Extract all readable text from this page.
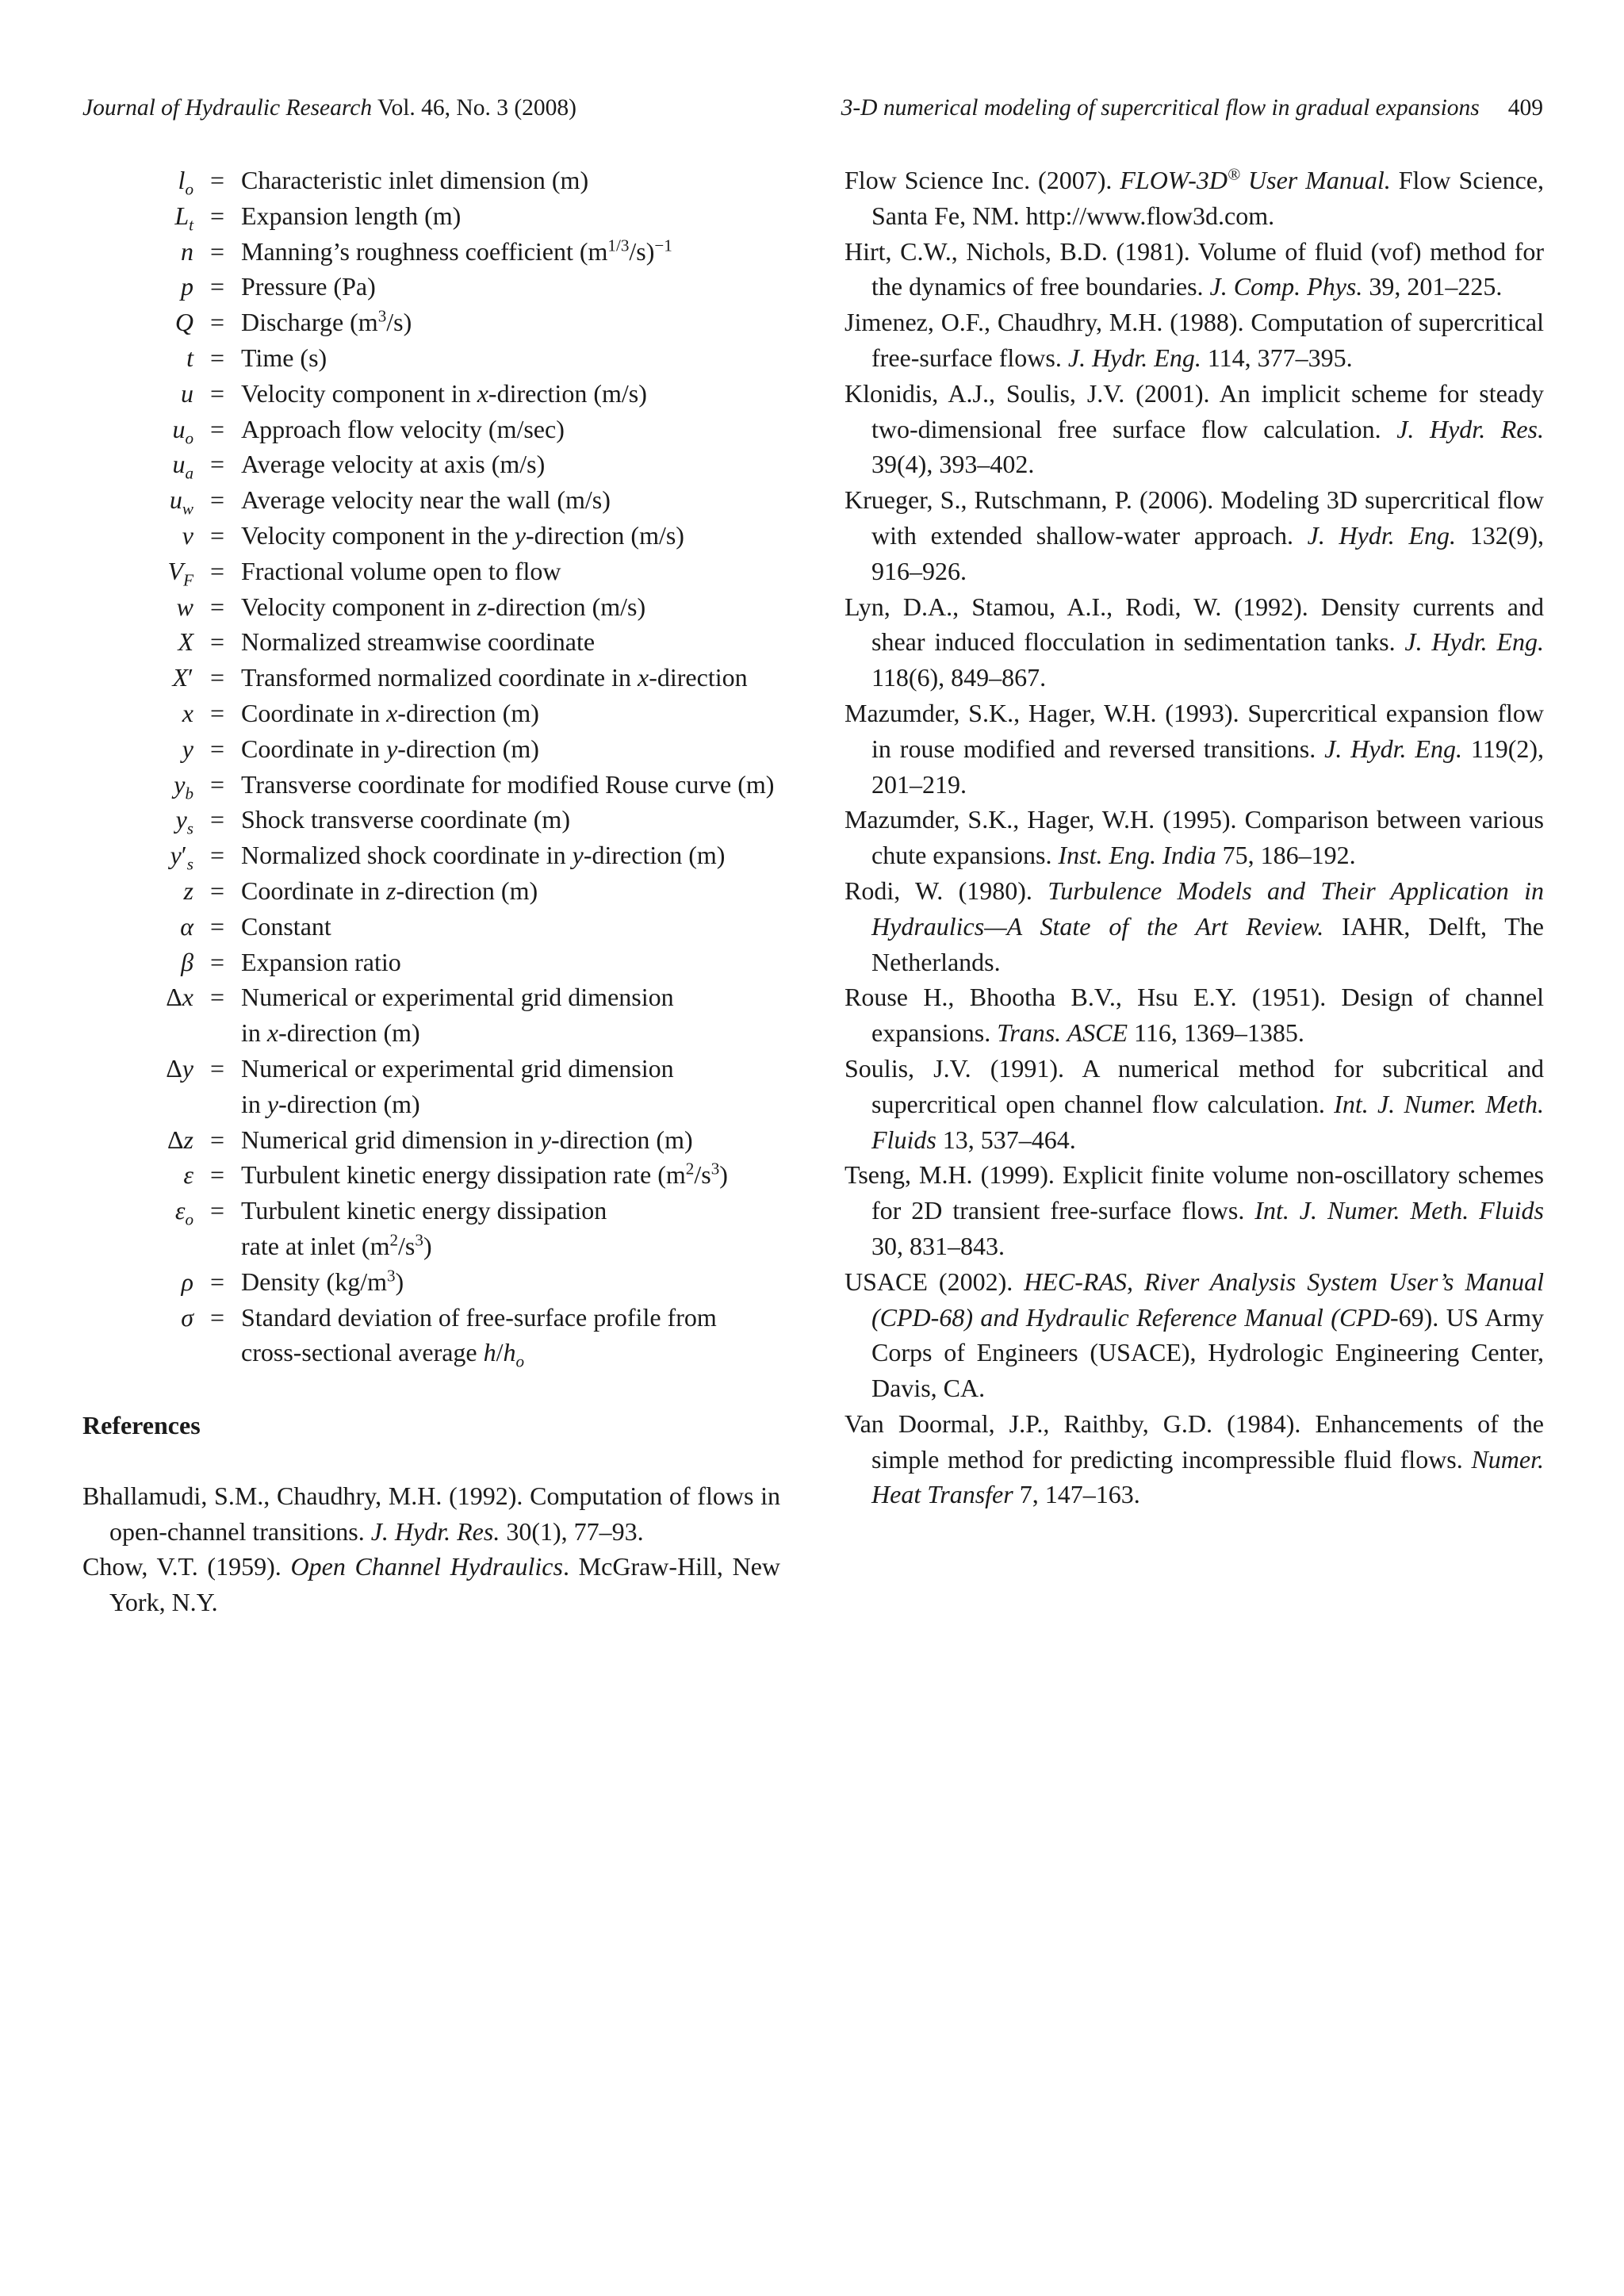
Journal of Hydraulic Research Vol. 46, No. 3 (2008)	3-D numerical modeling of supercritical flow in gradual expansions 409
$l_o$ = Characteristic inlet dimension (m)
$L_t$ = Expansion length (m)
n = Manning’s roughness coefficient $(m^{1/3}/s)^{-1}$
p = Pressure (Pa)
Q = Discharge $(m^3/s)$
t = Time (s)
u = Velocity component in x-direction (m/s)
$u_o$ = Approach flow velocity (m/sec)
$u_a$ = Average velocity at axis (m/s)
$u_w$ = Average velocity near the wall (m/s)
v = Velocity component in the y-direction (m/s)
$V_F$ = Fractional volume open to flow
w = Velocity component in z-direction (m/s)
X = Normalized streamwise coordinate
X′ = Transformed normalized coordinate in x-direction
x = Coordinate in x-direction (m)
y = Coordinate in y-direction (m)
$y_b$ = Transverse coordinate for modified Rouse curve (m)
$y_s$ = Shock transverse coordinate (m)
$y'_s$ = Normalized shock coordinate in y-direction (m)
z = Coordinate in z-direction (m)
α = Constant
β = Expansion ratio
Δx = Numerical or experimental grid dimension
in x-direction (m)
Δy = Numerical or experimental grid dimension
in y-direction (m)
Δz = Numerical grid dimension in y-direction (m)
ε = Turbulent kinetic energy dissipation rate $(m^2/s^3)$
$\varepsilon_o$ = Turbulent kinetic energy dissipation
rate at inlet $(m^2/s^3)$
ρ = Density $(kg/m^3)$
σ = Standard deviation of free-surface profile from
cross-sectional average $h/h_o$
References

Bhallamudi, S.M., Chaudhry, M.H. (1992). Computation of flows in open-channel transitions. J. Hydr. Res. 30(1), 77–93.

Chow, V.T. (1959). Open Channel Hydraulics. McGraw-Hill, New York, N.Y.

Flow Science Inc. (2007). FLOW-3D® User Manual. Flow Science, Santa Fe, NM. http://www.flow3d.com.

Hirt, C.W., Nichols, B.D. (1981). Volume of fluid (vof) method for the dynamics of free boundaries. J. Comp. Phys. 39, 201–225.

Jimenez, O.F., Chaudhry, M.H. (1988). Computation of supercritical free-surface flows. J. Hydr. Eng. 114, 377–395.

Klonidis, A.J., Soulis, J.V. (2001). An implicit scheme for steady two-dimensional free surface flow calculation. J. Hydr. Res. 39(4), 393–402.

Krueger, S., Rutschmann, P. (2006). Modeling 3D supercritical flow with extended shallow-water approach. J. Hydr. Eng. 132(9), 916–926.

Lyn, D.A., Stamou, A.I., Rodi, W. (1992). Density currents and shear induced flocculation in sedimentation tanks. J. Hydr. Eng. 118(6), 849–867.

Mazumder, S.K., Hager, W.H. (1993). Supercritical expansion flow in rouse modified and reversed transitions. J. Hydr. Eng. 119(2), 201–219.

Mazumder, S.K., Hager, W.H. (1995). Comparison between various chute expansions. Inst. Eng. India 75, 186–192.

Rodi, W. (1980). Turbulence Models and Their Application in Hydraulics—A State of the Art Review. IAHR, Delft, The Netherlands.

Rouse H., Bhootha B.V., Hsu E.Y. (1951). Design of channel expansions. Trans. ASCE 116, 1369–1385.

Soulis, J.V. (1991). A numerical method for subcritical and supercritical open channel flow calculation. Int. J. Numer. Meth. Fluids 13, 537–464.

Tseng, M.H. (1999). Explicit finite volume non-oscillatory schemes for 2D transient free-surface flows. Int. J. Numer. Meth. Fluids 30, 831–843.

USACE (2002). HEC-RAS, River Analysis System User’s Manual (CPD-68) and Hydraulic Reference Manual (CPD-69). US Army Corps of Engineers (USACE), Hydrologic Engineering Center, Davis, CA.

Van Doormal, J.P., Raithby, G.D. (1984). Enhancements of the simple method for predicting incompressible fluid flows. Numer. Heat Transfer 7, 147–163.
